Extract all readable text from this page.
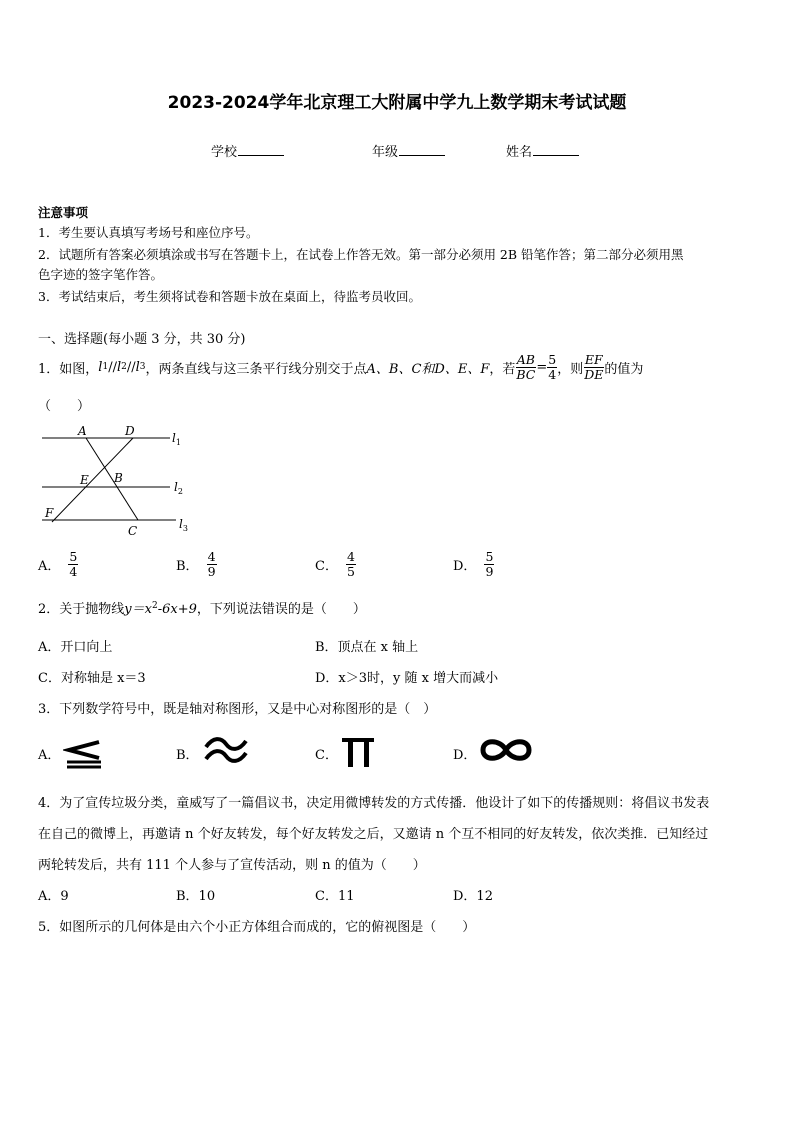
2023-2024学年北京理工大附属中学九上数学期末考试试题
学校	年级	姓名
注意事项
1．考生要认真填写考场号和座位序号。
2．试题所有答案必须填涂或书写在答题卡上，在试卷上作答无效。第一部分必须用 2B 铅笔作答；第二部分必须用黑
色字迹的签字笔作答。
3．考试结束后，考生须将试卷和答题卡放在桌面上，待监考员收回。
一、选择题(每小题 3 分，共 30 分)
1．如图， l 1 // l 2 // l 3 ，两条直线与这三条平行线分别交于点 A、B、C和D、E、F ，若 $\frac{AB}{BC} = \frac{5}{4}$ ，则 $\frac{EF}{DE}$ 的值为
（　　）
A	D
E B
F
C
$l_1$
$l_2$
$l_3$
A． $\frac{5}{4}$	B． $\frac{4}{9}$	C． $\frac{4}{5}$	D． $\frac{5}{9}$
2．关于抛物线$y=x^2-6x+9$，下列说法错误的是（　　）
A．开口向上	B．顶点在 x 轴上
C．对称轴是 x＝3	D．x＞3时，y 随 x 增大而减小
3．下列数学符号中，既是轴对称图形，又是中心对称图形的是（　）
A．	B．	C．	D．
4．为了宣传垃圾分类，童威写了一篇倡议书，决定用微博转发的方式传播．他设计了如下的传播规则：将倡议书发表
在自己的微博上，再邀请 n 个好友转发，每个好友转发之后，又邀请 n 个互不相同的好友转发，依次类推．已知经过
两轮转发后，共有 111 个人参与了宣传活动，则 n 的值为（　　）
A．9	B．10	C．11	D．12
5．如图所示的几何体是由六个小正方体组合而成的，它的俯视图是（　　）
